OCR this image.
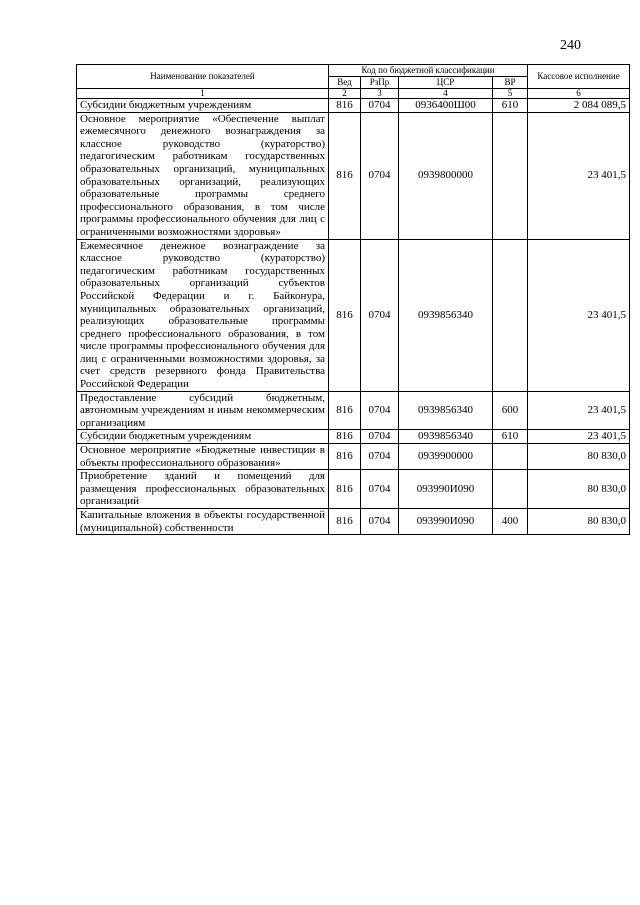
240
Наименование показателей	Код по бюджетной классификации				Кассовое исполнение
	Вед	РзПр	ЦСР	ВР	
1	2	3	4	5	6
Субсидии бюджетным учреждениям	816	0704	0936400Ш00	610	2 084 089,5
Основное мероприятие «Обеспечение выплат ежемесячного денежного вознаграждения за классное руководство (кураторство) педагогическим работникам государственных образовательных организаций, муниципальных образовательных организаций, реализующих образовательные программы среднего профессионального образования, в том числе программы профессионального обучения для лиц с ограниченными возможностями здоровья»	816	0704	0939800000		23 401,5
Ежемесячное денежное вознаграждение за классное руководство (кураторство) педагогическим работникам государственных образовательных организаций субъектов Российской Федерации и г. Байконура, муниципальных образовательных организаций, реализующих образовательные программы среднего профессионального образования, в том числе программы профессионального обучения для лиц с ограниченными возможностями здоровья, за счет средств резервного фонда Правительства Российской Федерации	816	0704	0939856340		23 401,5
Предоставление субсидий бюджетным, автономным учреждениям и иным некоммерческим организациям	816	0704	0939856340	600	23 401,5
Субсидии бюджетным учреждениям	816	0704	0939856340	610	23 401,5
Основное мероприятие «Бюджетные инвестиции в объекты профессионального образования»	816	0704	0939900000		80 830,0
Приобретение зданий и помещений для размещения профессиональных образовательных организаций	816	0704	093990И090		80 830,0
Капитальные вложения в объекты государственной (муниципальной) собственности	816	0704	093990И090	400	80 830,0
